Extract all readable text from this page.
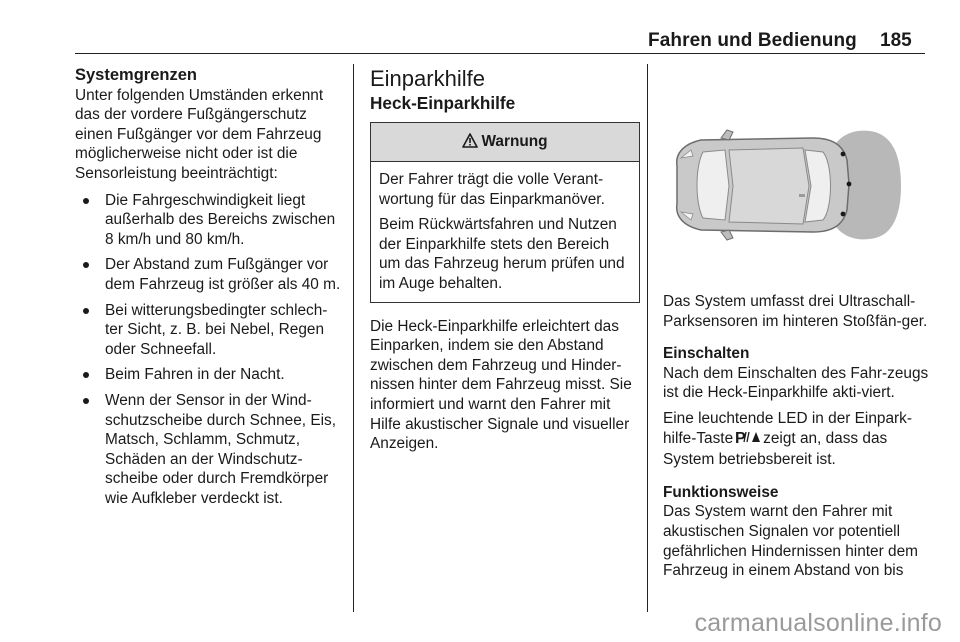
Fahren und Bedienung 185

Systemgrenzen

Unter folgenden Umständen erkennt das der vordere Fußgängerschutz einen Fußgänger vor dem Fahrzeug möglicherweise nicht oder ist die Sensorleistung beeinträchtigt:

Die Fahrgeschwindigkeit liegt außerhalb des Bereichs zwischen 8 km/h und 80 km/h.
Der Abstand zum Fußgänger vor dem Fahrzeug ist größer als 40 m.
Bei witterungsbedingter schlech-ter Sicht, z. B. bei Nebel, Regen oder Schneefall.
Beim Fahren in der Nacht.
Wenn der Sensor in der Wind-schutzscheibe durch Schnee, Eis, Matsch, Schlamm, Schmutz, Schäden an der Windschutz-scheibe oder durch Fremdkörper wie Aufkleber verdeckt ist.

Einparkhilfe

Heck-Einparkhilfe

Warnung

Der Fahrer trägt die volle Verant-wortung für das Einparkmanöver.

Beim Rückwärtsfahren und Nutzen der Einparkhilfe stets den Bereich um das Fahrzeug herum prüfen und im Auge behalten.

Die Heck-Einparkhilfe erleichtert das Einparken, indem sie den Abstand zwischen dem Fahrzeug und Hinder-nissen hinter dem Fahrzeug misst. Sie informiert und warnt den Fahrer mit Hilfe akustischer Signale und visueller Anzeigen.

Das System umfasst drei Ultraschall-Parksensoren im hinteren Stoßfän-ger.

Einschalten

Nach dem Einschalten des Fahr-zeugs ist die Heck-Einparkhilfe akti-viert.

Eine leuchtende LED in der Einpark-hilfe-Taste P zeigt an, dass das System betriebsbereit ist.

Funktionsweise

Das System warnt den Fahrer mit akustischen Signalen vor potentiell gefährlichen Hindernissen hinter dem Fahrzeug in einem Abstand von bis

carmanualsonline.info
